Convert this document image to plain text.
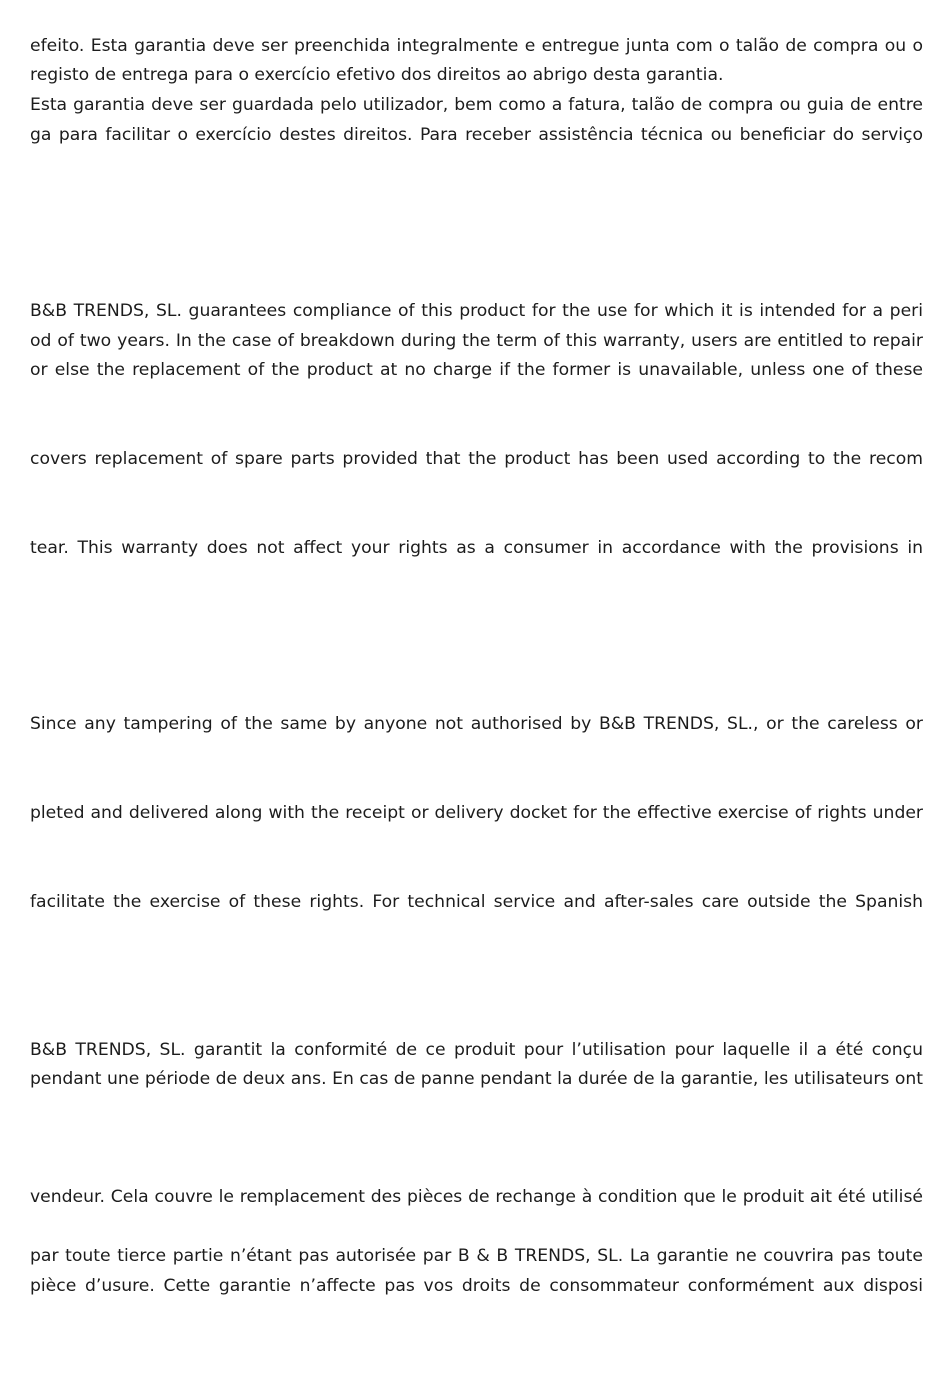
efeito. Esta garantia deve ser preenchida integralmente e entregue junta com o talão de compra ou o
registo de entrega para o exercício efetivo dos direitos ao abrigo desta garantia.
Esta garantia deve ser guardada pelo utilizador, bem como a fatura, talão de compra ou guia de entre
ga para facilitar o exercício destes direitos. Para receber assistência técnica ou beneficiar do serviço
B&B TRENDS, SL. guarantees compliance of this product for the use for which it is intended for a peri
od of two years. In the case of breakdown during the term of this warranty, users are entitled to repair
or else the replacement of the product at no charge if the former is unavailable, unless one of these
covers replacement of spare parts provided that the product has been used according to the recom
tear. This warranty does not affect your rights as a consumer in accordance with the provisions in
Since any tampering of the same by anyone not authorised by B&B TRENDS, SL., or the careless or
pleted and delivered along with the receipt or delivery docket for the effective exercise of rights under
facilitate the exercise of these rights. For technical service and after-sales care outside the Spanish
B&B TRENDS, SL. garantit la conformité de ce produit pour l’utilisation pour laquelle il a été conçu
pendant une période de deux ans. En cas de panne pendant la durée de la garantie, les utilisateurs ont
vendeur. Cela couvre le remplacement des pièces de rechange à condition que le produit ait été utilisé
par toute tierce partie n’étant pas autorisée par B & B TRENDS, SL. La garantie ne couvrira pas toute
pièce d’usure. Cette garantie n’affecte pas vos droits de consommateur conformément aux disposi
